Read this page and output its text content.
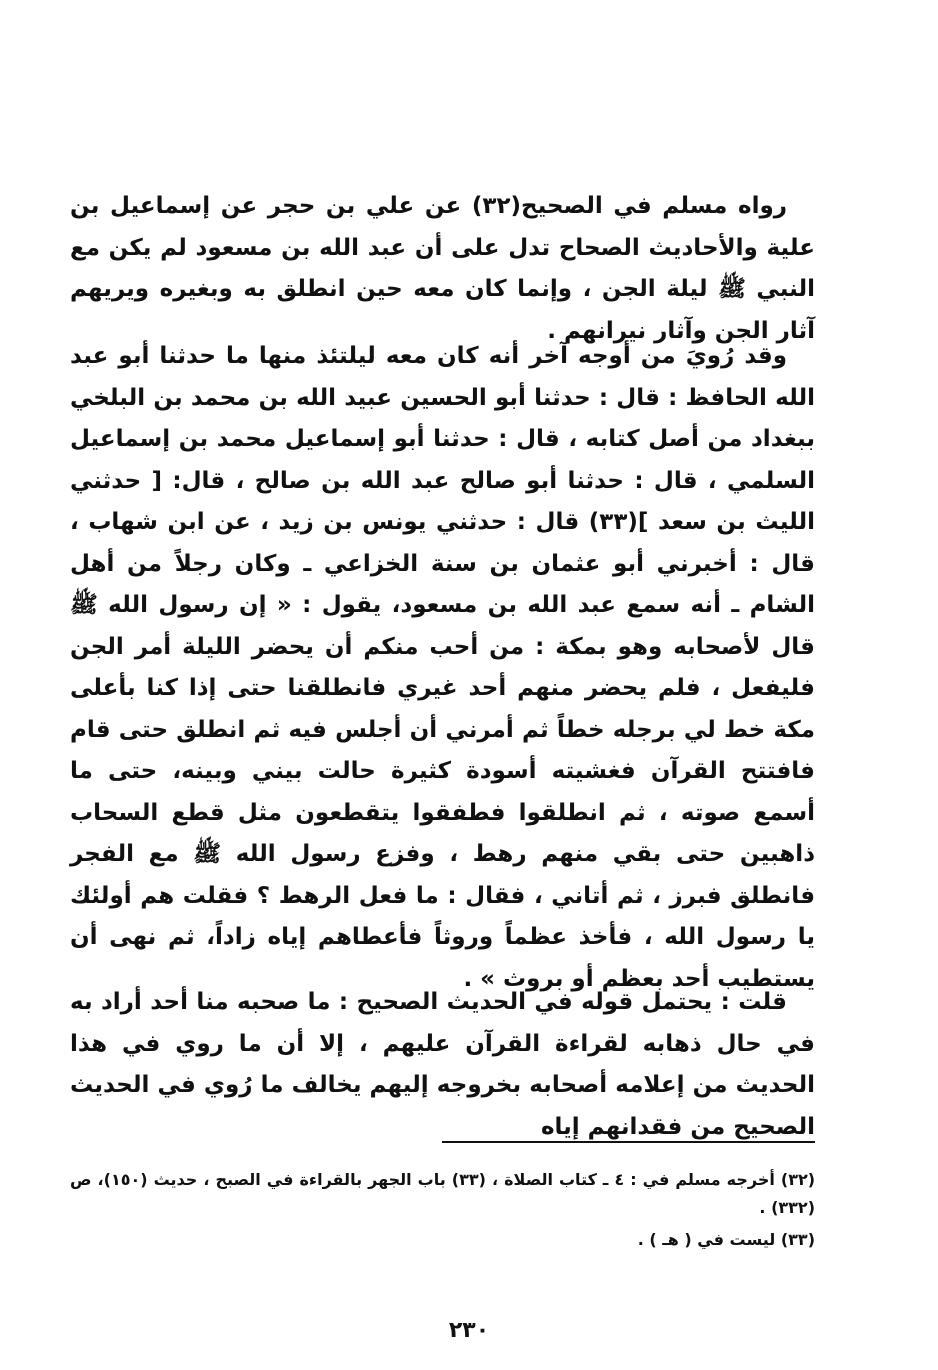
رواه مسلم في الصحيح(٣٢) عن علي بن حجر عن إسماعيل بن علية والأحاديث الصحاح تدل على أن عبد الله بن مسعود لم يكن مع النبي ﷺ ليلة الجن ، وإنما كان معه حين انطلق به وبغيره ويريهم آثار الجن وآثار نيرانهم .

وقد رُويَ من أوجه آخر أنه كان معه ليلتئذ منها ما حدثنا أبو عبد الله الحافظ : قال : حدثنا أبو الحسين عبيد الله بن محمد بن البلخي ببغداد من أصل كتابه ، قال : حدثنا أبو إسماعيل محمد بن إسماعيل السلمي ، قال : حدثنا أبو صالح عبد الله بن صالح ، قال: [ حدثني الليث بن سعد ](٣٣) قال : حدثني يونس بن زيد ، عن ابن شهاب ، قال : أخبرني أبو عثمان بن سنة الخزاعي ـ وكان رجلاً من أهل الشام ـ أنه سمع عبد الله بن مسعود، يقول : « إن رسول الله ﷺ قال لأصحابه وهو بمكة : من أحب منكم أن يحضر الليلة أمر الجن فليفعل ، فلم يحضر منهم أحد غيري فانطلقنا حتى إذا كنا بأعلى مكة خط لي برجله خطاً ثم أمرني أن أجلس فيه ثم انطلق حتى قام فافتتح القرآن فغشيته أسودة كثيرة حالت بيني وبينه، حتى ما أسمع صوته ، ثم انطلقوا فطفقوا يتقطعون مثل قطع السحاب ذاهبين حتى بقي منهم رهط ، وفزع رسول الله ﷺ مع الفجر فانطلق فبرز ، ثم أتاني ، فقال : ما فعل الرهط ؟ فقلت هم أولئك يا رسول الله ، فأخذ عظماً وروثاً فأعطاهم إياه زاداً، ثم نهى أن يستطيب أحد بعظم أو بروث » .

قلت : يحتمل قوله في الحديث الصحيح : ما صحبه منا أحد أراد به في حال ذهابه لقراءة القرآن عليهم ، إلا أن ما روي في هذا الحديث من إعلامه أصحابه بخروجه إليهم يخالف ما رُوي في الحديث الصحيح من فقدانهم إياه

(٣٢) أخرجه مسلم في : ٤ ـ كتاب الصلاة ، (٣٣) باب الجهر بالقراءة في الصبح ، حديث (١٥٠)، ص (٣٣٢) .

(٣٣) ليست في ( هـ ) .

٢٣٠
